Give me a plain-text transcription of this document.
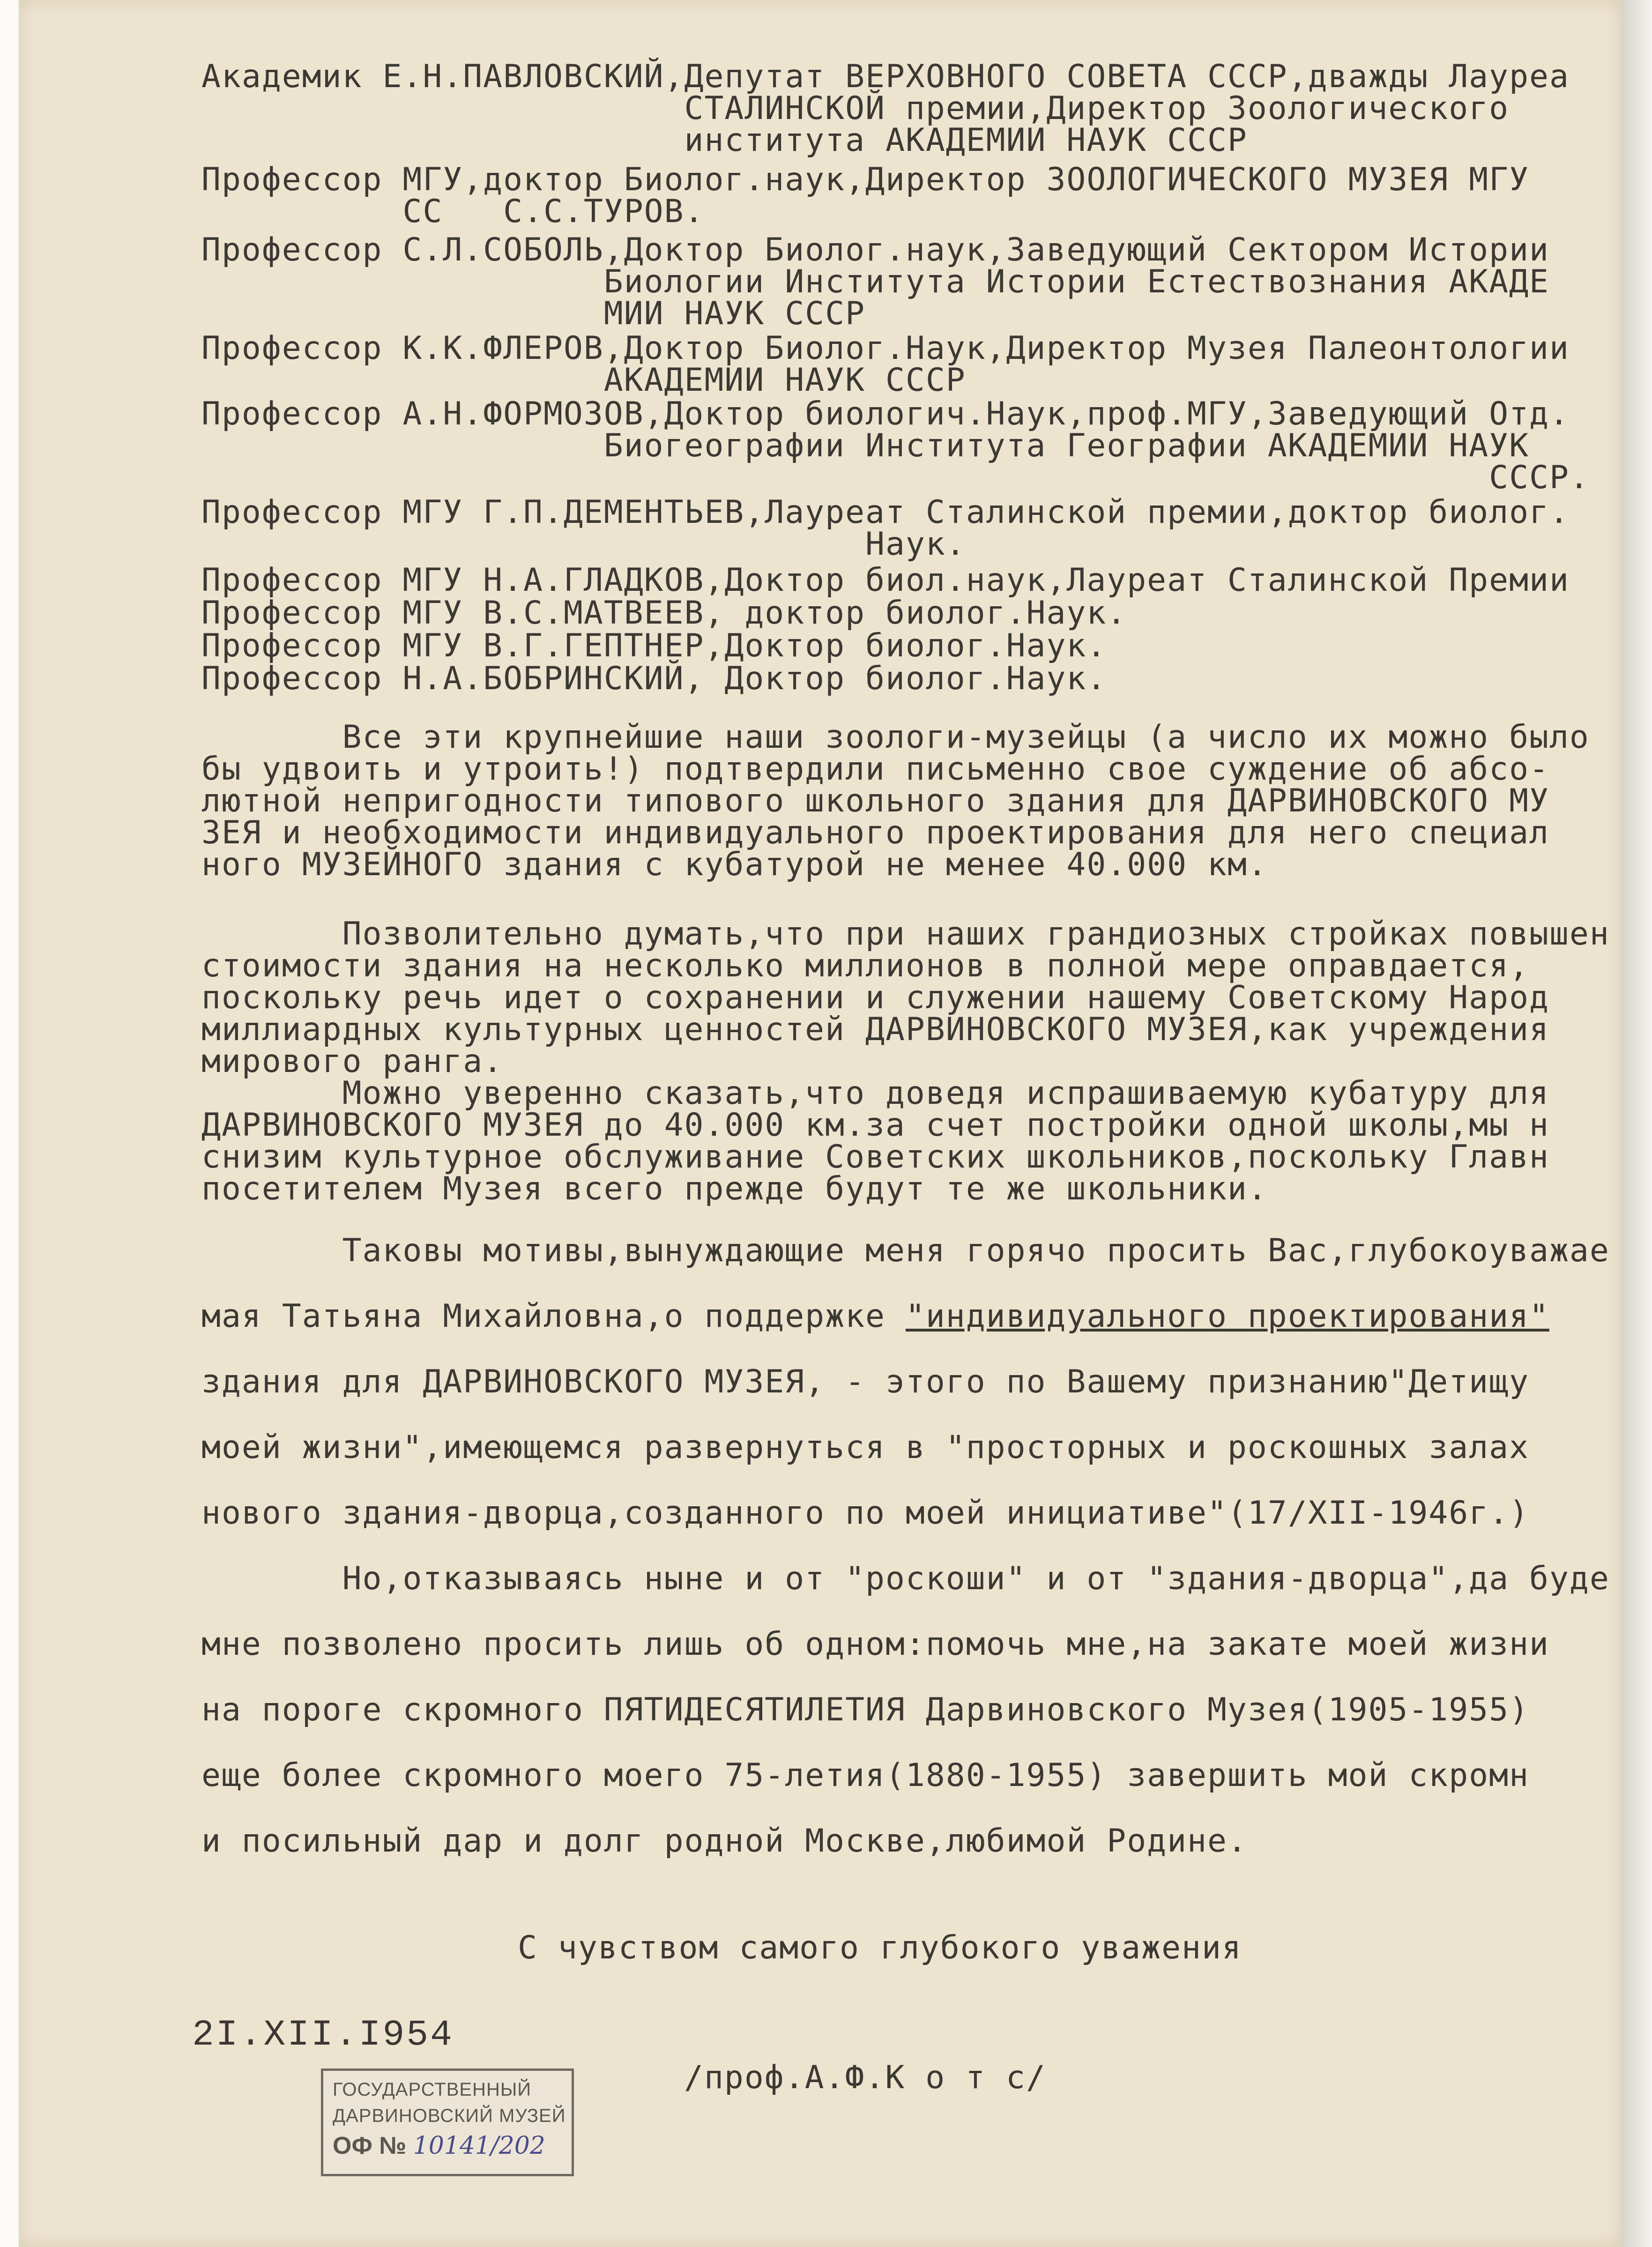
Академик Е.Н.ПАВЛОВСКИЙ,Депутат ВЕРХОВНОГО СОВЕТА СССР,дважды Лауреа
СТАЛИНСКОЙ премии,Директор Зоологического
института АКАДЕМИИ НАУК СССР
Профессор МГУ,доктор Биолог.наук,Директор ЗООЛОГИЧЕСКОГО МУЗЕЯ МГУ
СС   С.С.ТУРОВ.
Профессор С.Л.СОБОЛЬ,Доктор Биолог.наук,Заведующий Сектором Истории
Биологии Института Истории Естествознания АКАДЕ
МИИ НАУК СССР
Профессор К.К.ФЛЕРОВ,Доктор Биолог.Наук,Директор Музея Палеонтологии
АКАДЕМИИ НАУК СССР
Профессор А.Н.ФОРМОЗОВ,Доктор биологич.Наук,проф.МГУ,Заведующий Отд.
Биогеографии Института Географии АКАДЕМИИ НАУК
СССР.
Профессор МГУ Г.П.ДЕМЕНТЬЕВ,Лауреат Сталинской премии,доктор биолог.
Наук.
Профессор МГУ Н.А.ГЛАДКОВ,Доктор биол.наук,Лауреат Сталинской Премии
Профессор МГУ В.С.МАТВЕЕВ, доктор биолог.Наук.
Профессор МГУ В.Г.ГЕПТНЕР,Доктор биолог.Наук.
Профессор Н.А.БОБРИНСКИЙ, Доктор биолог.Наук.
Все эти крупнейшие наши зоологи-музейцы (а число их можно было
бы удвоить и утроить!) подтвердили письменно свое суждение об абсо-
лютной непригодности типового школьного здания для ДАРВИНОВСКОГО МУ
ЗЕЯ и необходимости индивидуального проектирования для него специал
ного МУЗЕЙНОГО здания с кубатурой не менее 40.000 км.
Позволительно думать,что при наших грандиозных стройках повышен
стоимости здания на несколько миллионов в полной мере оправдается,
поскольку речь идет о сохранении и служении нашему Советскому Народ
миллиардных культурных ценностей ДАРВИНОВСКОГО МУЗЕЯ,как учреждения
мирового ранга.
Можно уверенно сказать,что доведя испрашиваемую кубатуру для
ДАРВИНОВСКОГО МУЗЕЯ до 40.000 км.за счет постройки одной школы,мы н
снизим культурное обслуживание Советских школьников,поскольку Главн
посетителем Музея всего прежде будут те же школьники.
Таковы мотивы,вынуждающие меня горячо просить Вас,глубокоуважае
мая Татьяна Михайловна,о поддержке "индивидуального проектирования"
здания для ДАРВИНОВСКОГО МУЗЕЯ, - этого по Вашему признанию"Детищу
моей жизни",имеющемся развернуться в "просторных и роскошных залах
нового здания-дворца,созданного по моей инициативе"(17/XII-1946г.)
Но,отказываясь ныне и от "роскоши" и от "здания-дворца",да буде
мне позволено просить лишь об одном:помочь мне,на закате моей жизни
на пороге скромного ПЯТИДЕСЯТИЛЕТИЯ Дарвиновского Музея(1905-1955)
еще более скромного моего 75-летия(1880-1955) завершить мой скромн
и посильный дар и долг родной Москве,любимой Родине.
С чувством самого глубокого уважения
2I.XII.I954
/проф.А.Ф.К о т с/
ГОСУДАРСТВЕННЫЙ
ДАРВИНОВСКИЙ МУЗЕЙ
ОФ № 10141/202
